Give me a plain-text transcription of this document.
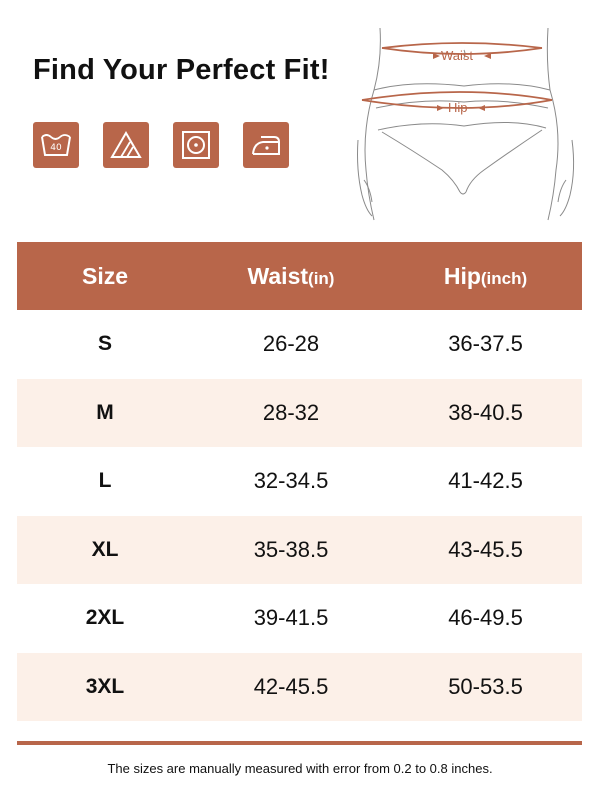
Find Your Perfect Fit!
40
Waist
Hip
Size	Waist(in)	Hip(inch)
S	26-28	36-37.5
M	28-32	38-40.5
L	32-34.5	41-42.5
XL	35-38.5	43-45.5
2XL	39-41.5	46-49.5
3XL	42-45.5	50-53.5
The sizes are manually measured with error from 0.2 to 0.8 inches.
